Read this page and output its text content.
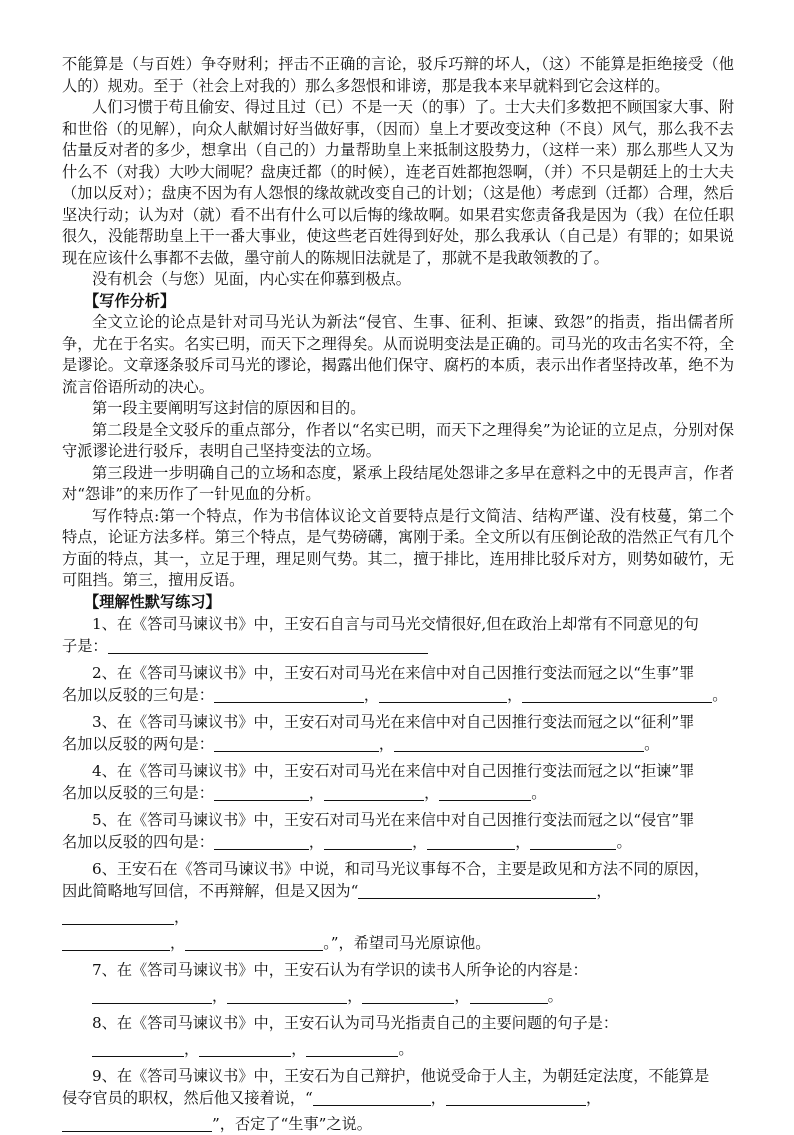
不能算是（与百姓）争夺财利；抨击不正确的言论，驳斥巧辩的坏人，（这）不能算是拒绝接受（他人的）规劝。至于（社会上对我的）那么多怨恨和诽谤，那是我本来早就料到它会这样的。

人们习惯于苟且偷安、得过且过（已）不是一天（的事）了。士大夫们多数把不顾国家大事、附和世俗（的见解），向众人献媚讨好当做好事，（因而）皇上才要改变这种（不良）风气，那么我不去估量反对者的多少，想拿出（自己的）力量帮助皇上来抵制这股势力，（这样一来）那么那些人又为什么不（对我）大吵大闹呢？盘庚迁都（的时候），连老百姓都抱怨啊，（并）不只是朝廷上的士大夫（加以反对）；盘庚不因为有人怨恨的缘故就改变自己的计划；（这是他）考虑到（迁都）合理，然后坚决行动；认为对（就）看不出有什么可以后悔的缘故啊。如果君实您责备我是因为（我）在位任职很久，没能帮助皇上干一番大事业，使这些老百姓得到好处，那么我承认（自己是）有罪的；如果说现在应该什么事都不去做，墨守前人的陈规旧法就是了，那就不是我敢领教的了。

没有机会（与您）见面，内心实在仰慕到极点。

【写作分析】

全文立论的论点是针对司马光认为新法“侵官、生事、征利、拒谏、致怨”的指责，指出儒者所争，尤在于名实。名实已明，而天下之理得矣。从而说明变法是正确的。司马光的攻击名实不符，全是谬论。文章逐条驳斥司马光的谬论，揭露出他们保守、腐朽的本质，表示出作者坚持改革，绝不为流言俗语所动的决心。

第一段主要阐明写这封信的原因和目的。

第二段是全文驳斥的重点部分，作者以“名实已明，而天下之理得矣”为论证的立足点，分别对保守派谬论进行驳斥，表明自己坚持变法的立场。

第三段进一步明确自己的立场和态度，紧承上段结尾处怨诽之多早在意料之中的无畏声言，作者对“怨诽”的来历作了一针见血的分析。

写作特点:第一个特点，作为书信体议论文首要特点是行文简洁、结构严谨、没有枝蔓，第二个特点，论证方法多样。第三个特点，是气势磅礴，寓刚于柔。全文所以有压倒论敌的浩然正气有几个方面的特点，其一，立足于理，理足则气势。其二，擅于排比，连用排比驳斥对方，则势如破竹，无可阻挡。第三，擅用反语。

【理解性默写练习】

1、在《答司马谏议书》中，王安石自言与司马光交情很好,但在政治上却常有不同意见的句

子是：

2、在《答司马谏议书》中，王安石对司马光在来信中对自己因推行变法而冠之以“生事”罪

名加以反驳的三句是：	，	，	。

3、在《答司马谏议书》中，王安石对司马光在来信中对自己因推行变法而冠之以“征利”罪

名加以反驳的两句是：	，	。

4、在《答司马谏议书》中，王安石对司马光在来信中对自己因推行变法而冠之以“拒谏”罪

名加以反驳的三句是：	，	，	。

5、在《答司马谏议书》中，王安石对司马光在来信中对自己因推行变法而冠之以“侵官”罪

名加以反驳的四句是：	，	，	，	。

6、王安石在《答司马谏议书》中说，和司马光议事每不合，主要是政见和方法不同的原因，

因此简略地写回信，不再辩解，但是又因为“	，

，

，	。”，希望司马光原谅他。

7、在《答司马谏议书》中，王安石认为有学识的读书人所争论的内容是：

，	，	，	。

8、在《答司马谏议书》中，王安石认为司马光指责自己的主要问题的句子是：

，	，	。

9、在《答司马谏议书》中，王安石为自己辩护，他说受命于人主，为朝廷定法度，不能算是

侵夺官员的职权，然后他又接着说，“	，	，

”，否定了“生事”之说。
